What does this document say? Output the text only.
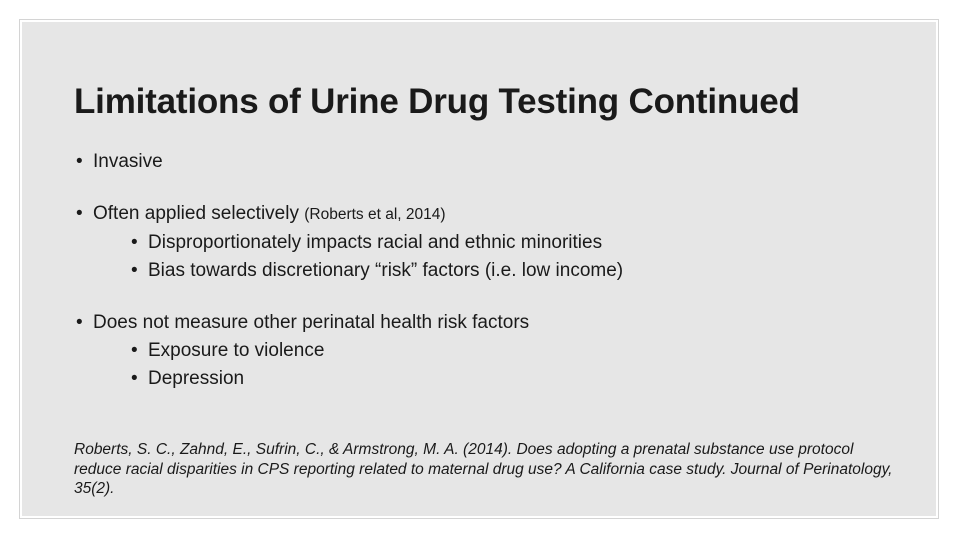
Limitations of Urine Drug Testing Continued
• Invasive
• Often applied selectively (Roberts et al, 2014)
• Disproportionately impacts racial and ethnic minorities
• Bias towards discretionary “risk” factors (i.e. low income)
• Does not measure other perinatal health risk factors
• Exposure to violence
• Depression

Roberts, S. C., Zahnd, E., Sufrin, C., & Armstrong, M. A. (2014). Does adopting a prenatal substance use protocol reduce racial disparities in CPS reporting related to maternal drug use? A California case study. Journal of Perinatology, 35(2).
